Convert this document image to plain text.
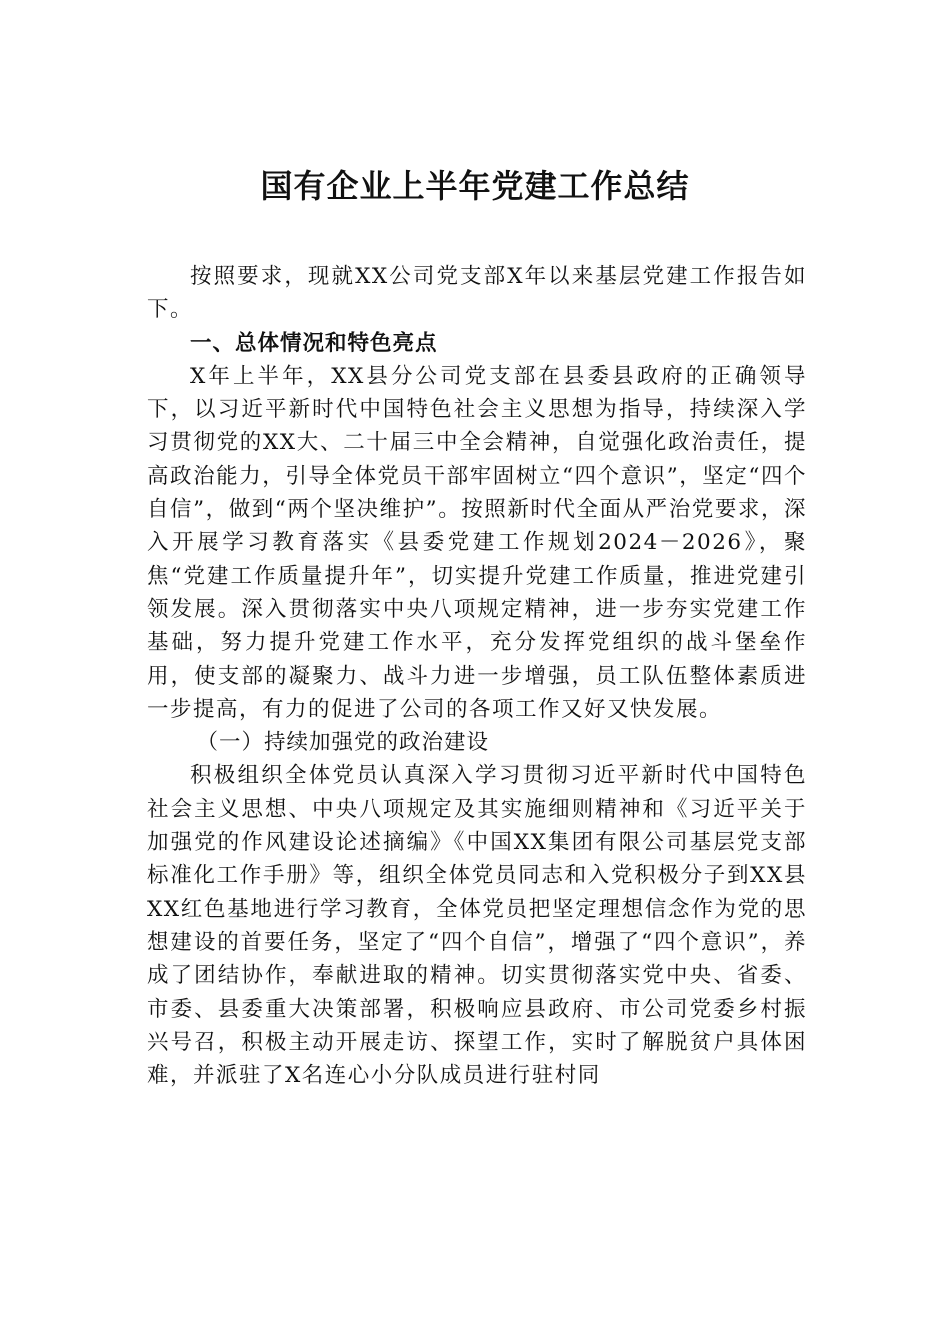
国有企业上半年党建工作总结

按照要求，现就XX公司党支部X年以来基层党建工作报告如下。

一、总体情况和特色亮点

X年上半年，XX县分公司党支部在县委县政府的正确领导下，以习近平新时代中国特色社会主义思想为指导，持续深入学习贯彻党的XX大、二十届三中全会精神，自觉强化政治责任，提高政治能力，引导全体党员干部牢固树立“四个意识”，坚定“四个自信”，做到“两个坚决维护”。按照新时代全面从严治党要求，深入开展学习教育落实《县委党建工作规划2024－2026》，聚焦“党建工作质量提升年”，切实提升党建工作质量，推进党建引领发展。深入贯彻落实中央八项规定精神，进一步夯实党建工作基础，努力提升党建工作水平，充分发挥党组织的战斗堡垒作用，使支部的凝聚力、战斗力进一步增强，员工队伍整体素质进一步提高，有力的促进了公司的各项工作又好又快发展。

（一）持续加强党的政治建设

积极组织全体党员认真深入学习贯彻习近平新时代中国特色社会主义思想、中央八项规定及其实施细则精神和《习近平关于加强党的作风建设论述摘编》《中国XX集团有限公司基层党支部标准化工作手册》等，组织全体党员同志和入党积极分子到XX县XX红色基地进行学习教育，全体党员把坚定理想信念作为党的思想建设的首要任务，坚定了“四个自信”，增强了“四个意识”，养成了团结协作，奉献进取的精神。切实贯彻落实党中央、省委、市委、县委重大决策部署，积极响应县政府、市公司党委乡村振兴号召，积极主动开展走访、探望工作，实时了解脱贫户具体困难，并派驻了X名连心小分队成员进行驻村同
